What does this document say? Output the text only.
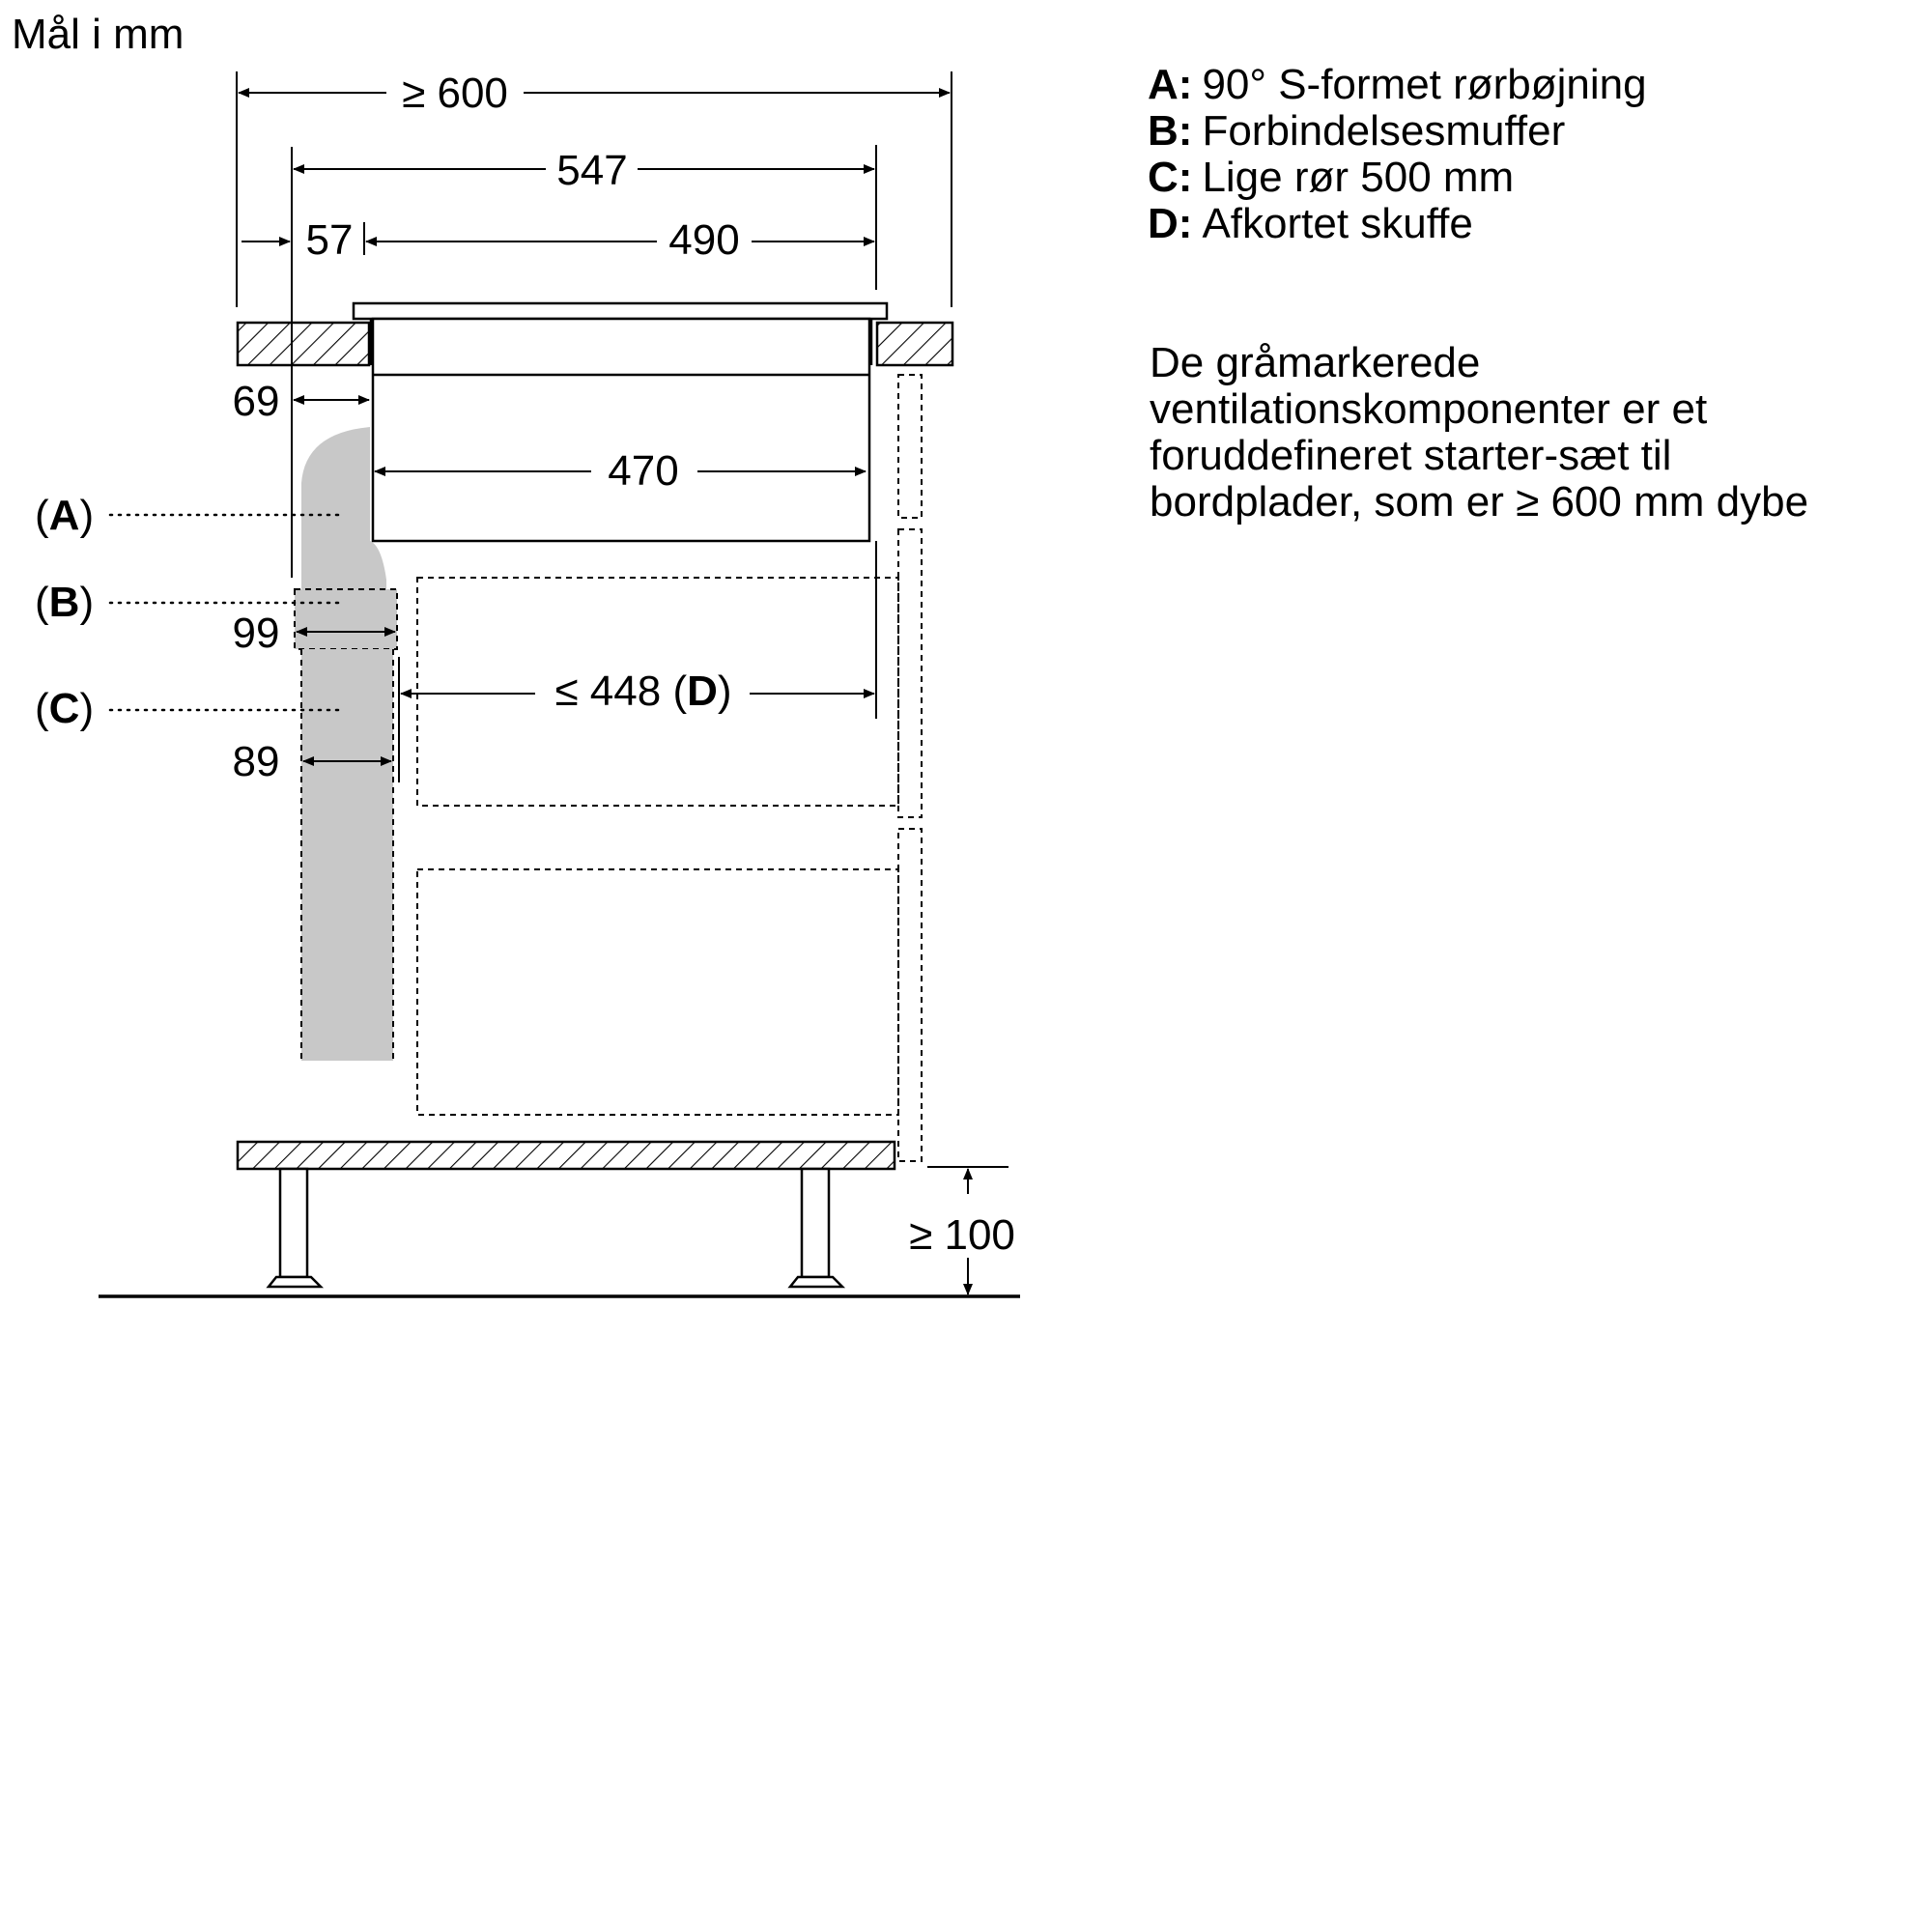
Mål i mm
≥ 600
547
57	490
69
470
99
≤ 448 (D)
89
≥ 100
(A)
(B)
(C)
A: 90° S-formet rørbøjning
B: Forbindelsesmuffer
C: Lige rør 500 mm
D: Afkortet skuffe
De gråmarkerede
ventilationskomponenter er et
foruddefineret starter-sæt til
bordplader, som er ≥ 600 mm dybe
